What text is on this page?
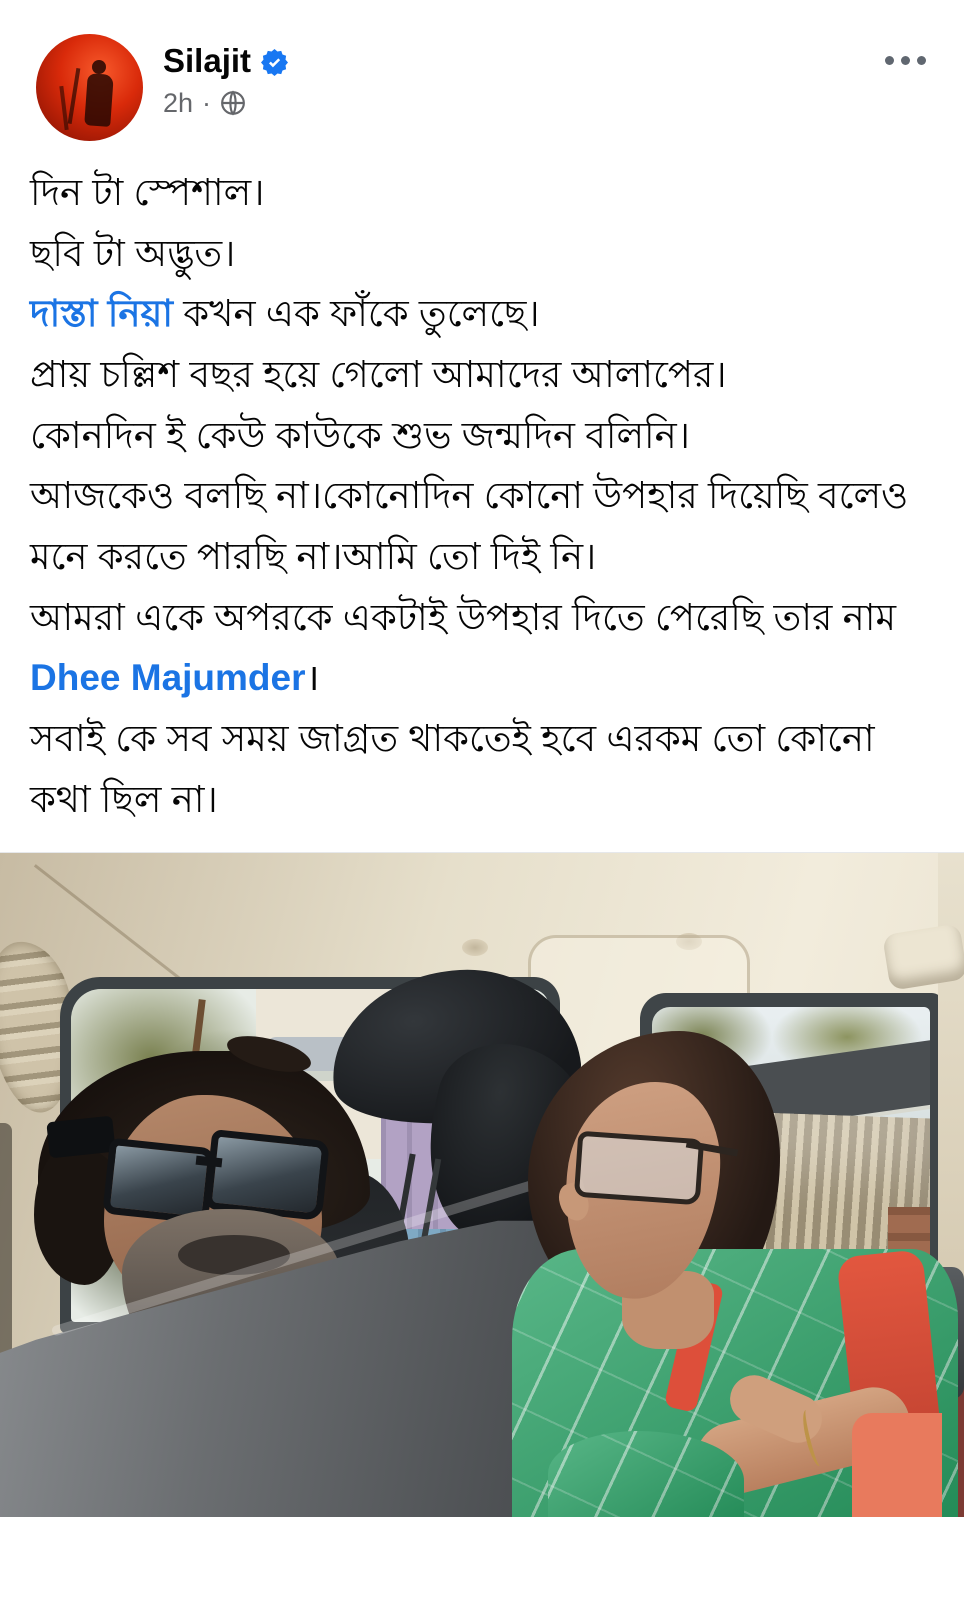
Silajit
2h ·

দিন টা স্পেশাল।

ছবি টা অদ্ভুত।

দাস্তা নিয়া কখন এক ফাঁকে তুলেছে।

প্রায় চল্লিশ বছর হয়ে গেলো আমাদের আলাপের।

কোনদিন ই কেউ কাউকে শুভ জন্মদিন বলিনি।

আজকেও বলছি না।কোনোদিন কোনো উপহার দিয়েছি বলেও মনে করতে পারছি না।আমি তো দিই নি।

আমরা একে অপরকে একটাই উপহার দিতে পেরেছি তার নাম Dhee Majumder।

সবাই কে সব সময় জাগ্রত থাকতেই হবে এরকম তো কোনো কথা ছিল না।
